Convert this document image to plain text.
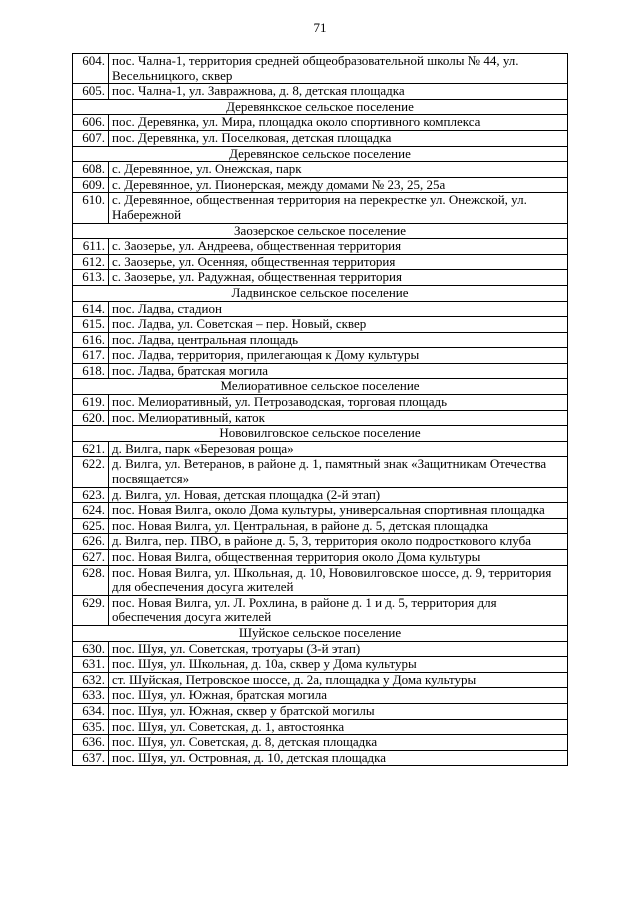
71
604.	пос. Чална-1, территория средней общеобразовательной школы № 44, ул. Весельницкого, сквер
605.	пос. Чална-1, ул. Завражнова, д. 8, детская площадка
Деревянкское сельское поселение	
606.	пос. Деревянка, ул. Мира, площадка около спортивного комплекса
607.	пос. Деревянка, ул. Поселковая, детская площадка
Деревянское сельское поселение	
608.	с. Деревянное, ул. Онежская, парк
609.	с. Деревянное, ул. Пионерская, между домами № 23, 25, 25а
610.	с. Деревянное, общественная территория на перекрестке ул. Онежской, ул. Набережной
Заозерское сельское поселение	
611.	с. Заозерье, ул. Андреева, общественная территория
612.	с. Заозерье, ул. Осенняя, общественная территория
613.	с. Заозерье, ул. Радужная, общественная территория
Ладвинское сельское поселение	
614.	пос. Ладва, стадион
615.	пос. Ладва, ул. Советская – пер. Новый, сквер
616.	пос. Ладва, центральная площадь
617.	пос. Ладва, территория, прилегающая к Дому культуры
618.	пос. Ладва, братская могила
Мелиоративное сельское поселение	
619.	пос. Мелиоративный, ул. Петрозаводская, торговая площадь
620.	пос. Мелиоративный, каток
Нововилговское сельское поселение	
621.	д. Вилга, парк «Березовая роща»
622.	д. Вилга, ул. Ветеранов, в районе д. 1, памятный знак «Защитникам Отечества посвящается»
623.	д. Вилга, ул. Новая, детская площадка (2-й этап)
624.	пос. Новая Вилга, около Дома культуры, универсальная спортивная площадка
625.	пос. Новая Вилга, ул. Центральная, в районе д. 5, детская площадка
626.	д. Вилга, пер. ПВО, в районе д. 5, 3, территория около подросткового клуба
627.	пос. Новая Вилга, общественная территория около Дома культуры
628.	пос. Новая Вилга, ул. Школьная, д. 10, Нововилговское шоссе, д. 9, территория для обеспечения досуга жителей
629.	пос. Новая Вилга, ул. Л. Рохлина, в районе д. 1 и д. 5, территория для обеспечения досуга жителей
Шуйское сельское поселение	
630.	пос. Шуя, ул. Советская, тротуары (3-й этап)
631.	пос. Шуя, ул. Школьная, д. 10а, сквер у Дома культуры
632.	ст. Шуйская, Петровское шоссе, д. 2а, площадка у Дома культуры
633.	пос. Шуя, ул. Южная, братская могила
634.	пос. Шуя, ул. Южная, сквер у братской могилы
635.	пос. Шуя, ул. Советская, д. 1, автостоянка
636.	пос. Шуя, ул. Советская, д. 8, детская площадка
637.	пос. Шуя, ул. Островная, д. 10, детская площадка
